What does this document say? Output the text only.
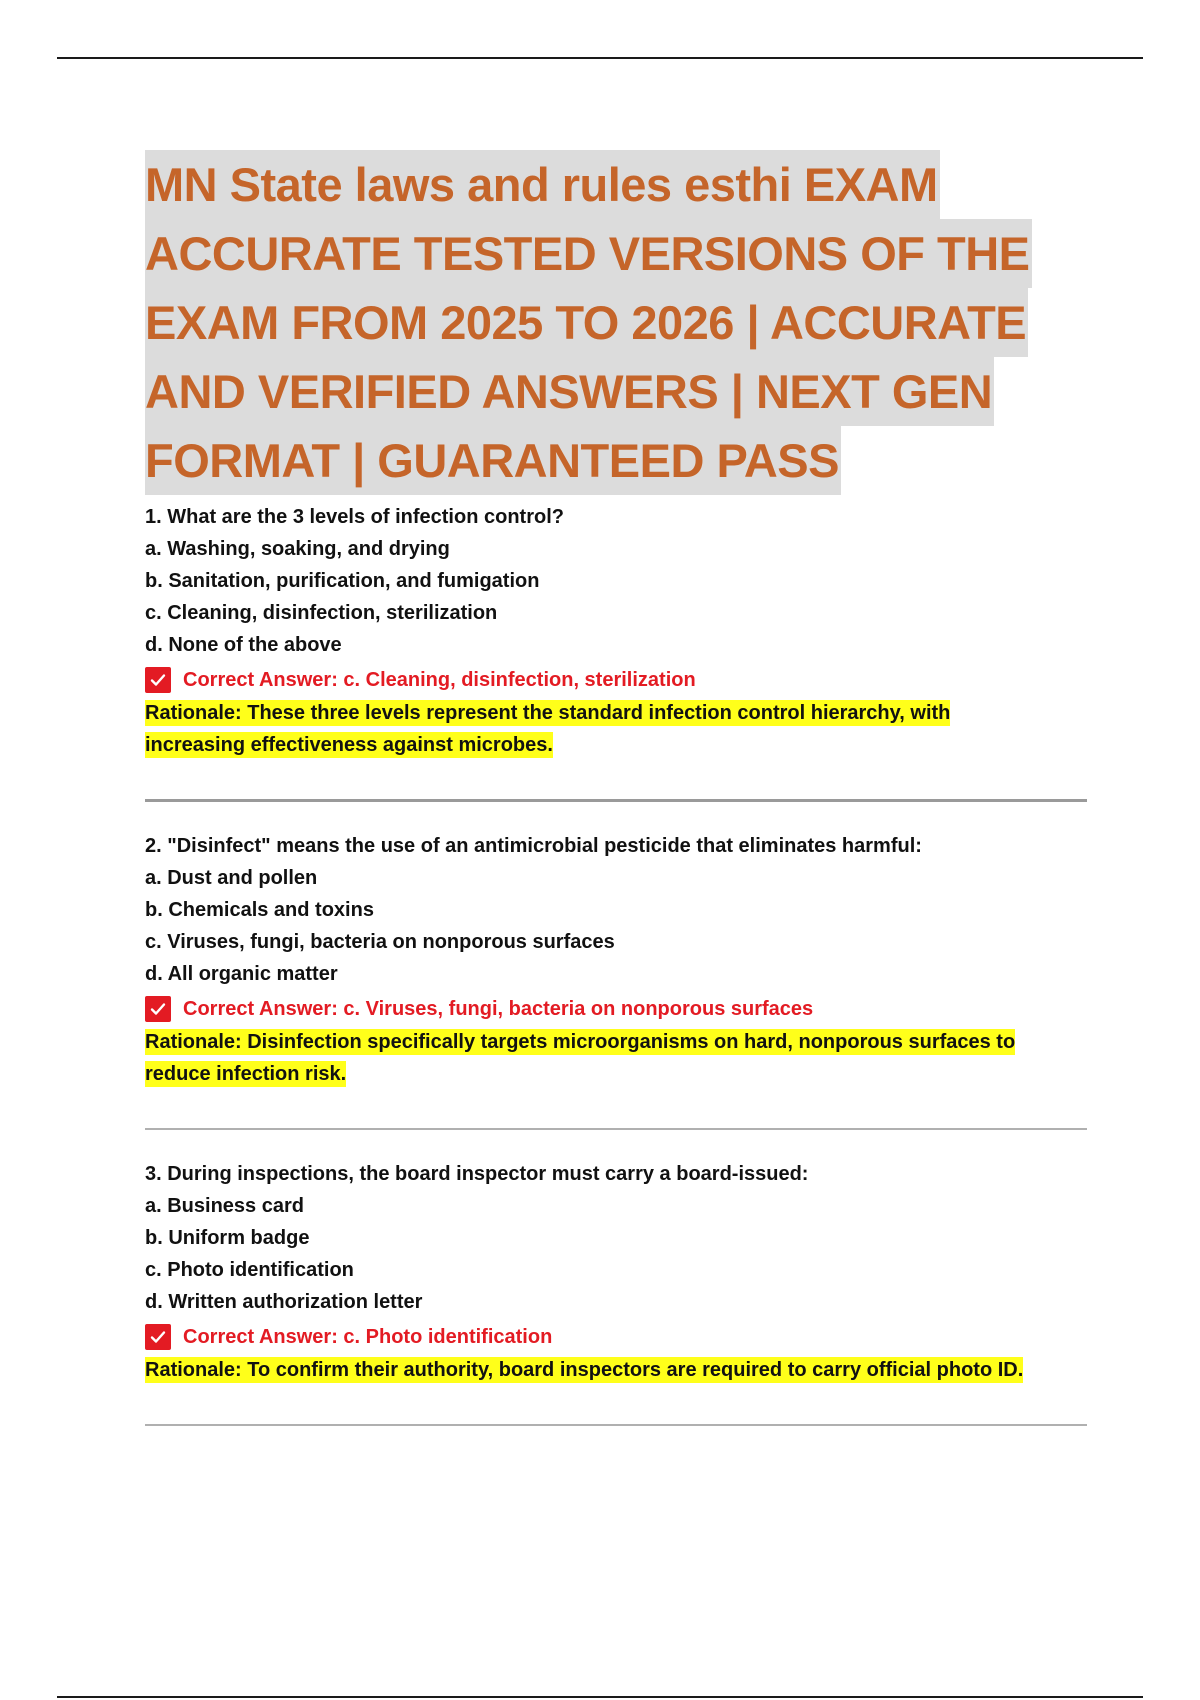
MN State laws and rules esthi EXAM
ACCURATE TESTED VERSIONS OF THE
EXAM FROM 2025 TO 2026 | ACCURATE
AND VERIFIED ANSWERS | NEXT GEN
FORMAT | GUARANTEED PASS
1. What are the 3 levels of infection control?
a. Washing, soaking, and drying
b. Sanitation, purification, and fumigation
c. Cleaning, disinfection, sterilization
d. None of the above
Correct Answer: c. Cleaning, disinfection, sterilization
Rationale: These three levels represent the standard infection control hierarchy, with
increasing effectiveness against microbes.
2. "Disinfect" means the use of an antimicrobial pesticide that eliminates harmful:
a. Dust and pollen
b. Chemicals and toxins
c. Viruses, fungi, bacteria on nonporous surfaces
d. All organic matter
Correct Answer: c. Viruses, fungi, bacteria on nonporous surfaces
Rationale: Disinfection specifically targets microorganisms on hard, nonporous surfaces to
reduce infection risk.
3. During inspections, the board inspector must carry a board-issued:
a. Business card
b. Uniform badge
c. Photo identification
d. Written authorization letter
Correct Answer: c. Photo identification
Rationale: To confirm their authority, board inspectors are required to carry official photo ID.
